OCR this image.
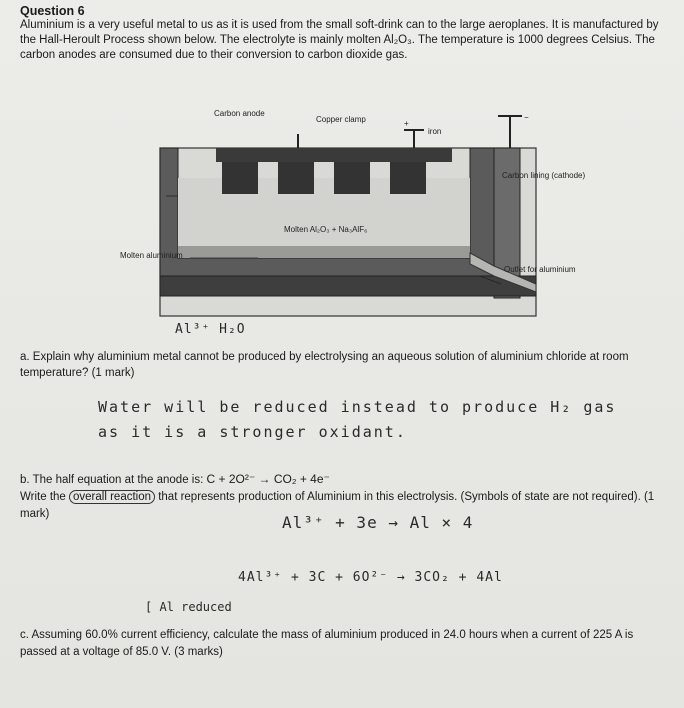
Question 6
Aluminium is a very useful metal to us as it is used from the small soft-drink can to the large aeroplanes. It is manufactured by the Hall-Heroult Process shown below. The electrolyte is mainly molten Al₂O₃. The temperature is 1000 degrees Celsius. The carbon anodes are consumed due to their conversion to carbon dioxide gas.
Carbon anode
Copper clamp
iron
Carbon lining (cathode)
Molten Al₂O₃ + Na₃AlF₆
Molten aluminium
Outlet for aluminium
+
−
Al³⁺ H₂O
a. Explain why aluminium metal cannot be produced by electrolysing an aqueous solution of aluminium chloride at room temperature? (1 mark)
Water will be reduced instead to produce H₂ gas
as it is a stronger oxidant.
b. The half equation at the anode is: C + 2O²⁻ → CO₂ + 4e⁻
Write the overall reaction that represents production of Aluminium in this electrolysis. (Symbols of state are not required). (1 mark)	Al³⁺ + 3e → Al × 4
4Al³⁺ + 3C + 6O²⁻ → 3CO₂ + 4Al
[ Al reduced
c. Assuming 60.0% current efficiency, calculate the mass of aluminium produced in 24.0 hours when a current of 225 A is passed at a voltage of 85.0 V. (3 marks)
